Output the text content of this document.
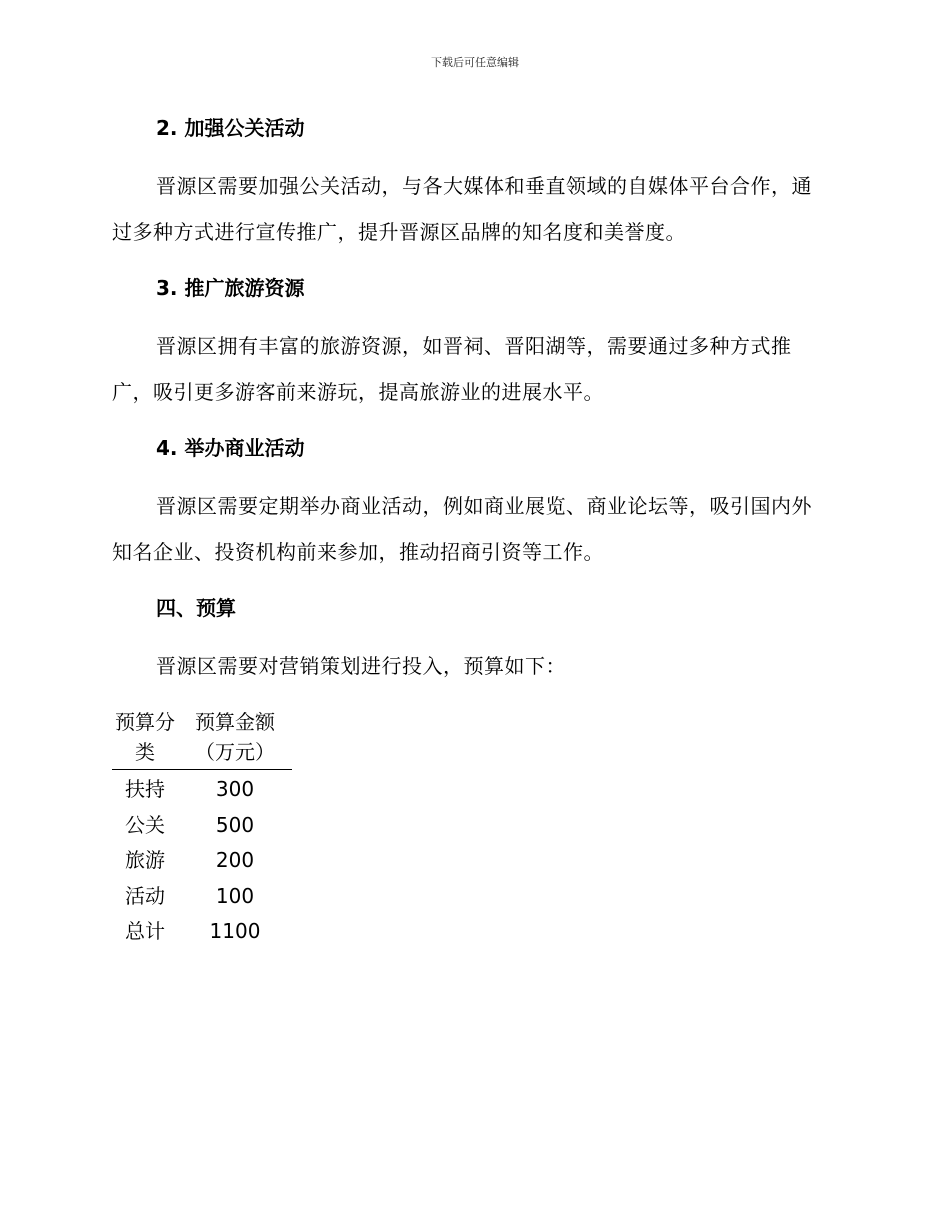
下载后可任意编辑
2. 加强公关活动

晋源区需要加强公关活动，与各大媒体和垂直领域的自媒体平台合作，通过多种方式进行宣传推广，提升晋源区品牌的知名度和美誉度。

3. 推广旅游资源

晋源区拥有丰富的旅游资源，如晋祠、晋阳湖等，需要通过多种方式推广，吸引更多游客前来游玩，提高旅游业的进展水平。

4. 举办商业活动

晋源区需要定期举办商业活动，例如商业展览、商业论坛等，吸引国内外知名企业、投资机构前来参加，推动招商引资等工作。

四、预算

晋源区需要对营销策划进行投入，预算如下：

预算分类	预算金额（万元）
扶持	300
公关	500
旅游	200
活动	100
总计	1100
